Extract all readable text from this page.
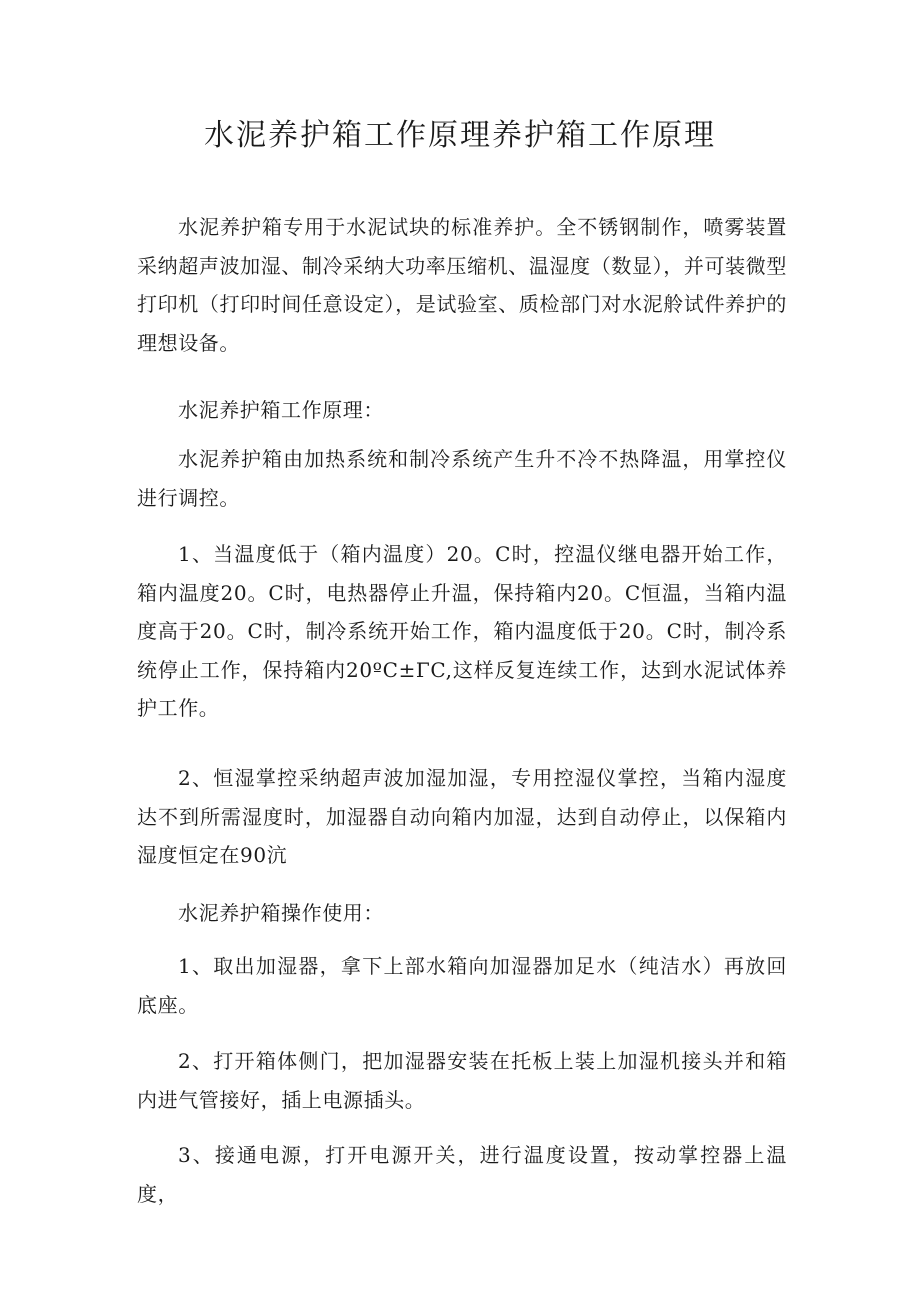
水泥养护箱工作原理养护箱工作原理

水泥养护箱专用于水泥试块的标准养护。全不锈钢制作，喷雾装置采纳超声波加湿、制冷采纳大功率压缩机、温湿度（数显），并可装微型打印机（打印时间任意设定），是试验室、质检部门对水泥舲试件养护的理想设备。

水泥养护箱工作原理：

水泥养护箱由加热系统和制冷系统产生升不冷不热降温，用掌控仪进行调控。

1、当温度低于（箱内温度）20。C时，控温仪继电器开始工作，箱内温度20。C时，电热器停止升温，保持箱内20。C恒温，当箱内温度高于20。C时，制冷系统开始工作，箱内温度低于20。C时，制冷系统停止工作，保持箱内20ºC±ΓC,这样反复连续工作，达到水泥试体养护工作。

2、恒湿掌控采纳超声波加湿加湿，专用控湿仪掌控，当箱内湿度达不到所需湿度时，加湿器自动向箱内加湿，达到自动停止，以保箱内湿度恒定在90沆

水泥养护箱操作使用：

1、取出加湿器，拿下上部水箱向加湿器加足水（纯洁水）再放回底座。

2、打开箱体侧门，把加湿器安装在托板上装上加湿机接头并和箱内进气管接好，插上电源插头。

3、接通电源，打开电源开关，进行温度设置，按动掌控器上温度，
